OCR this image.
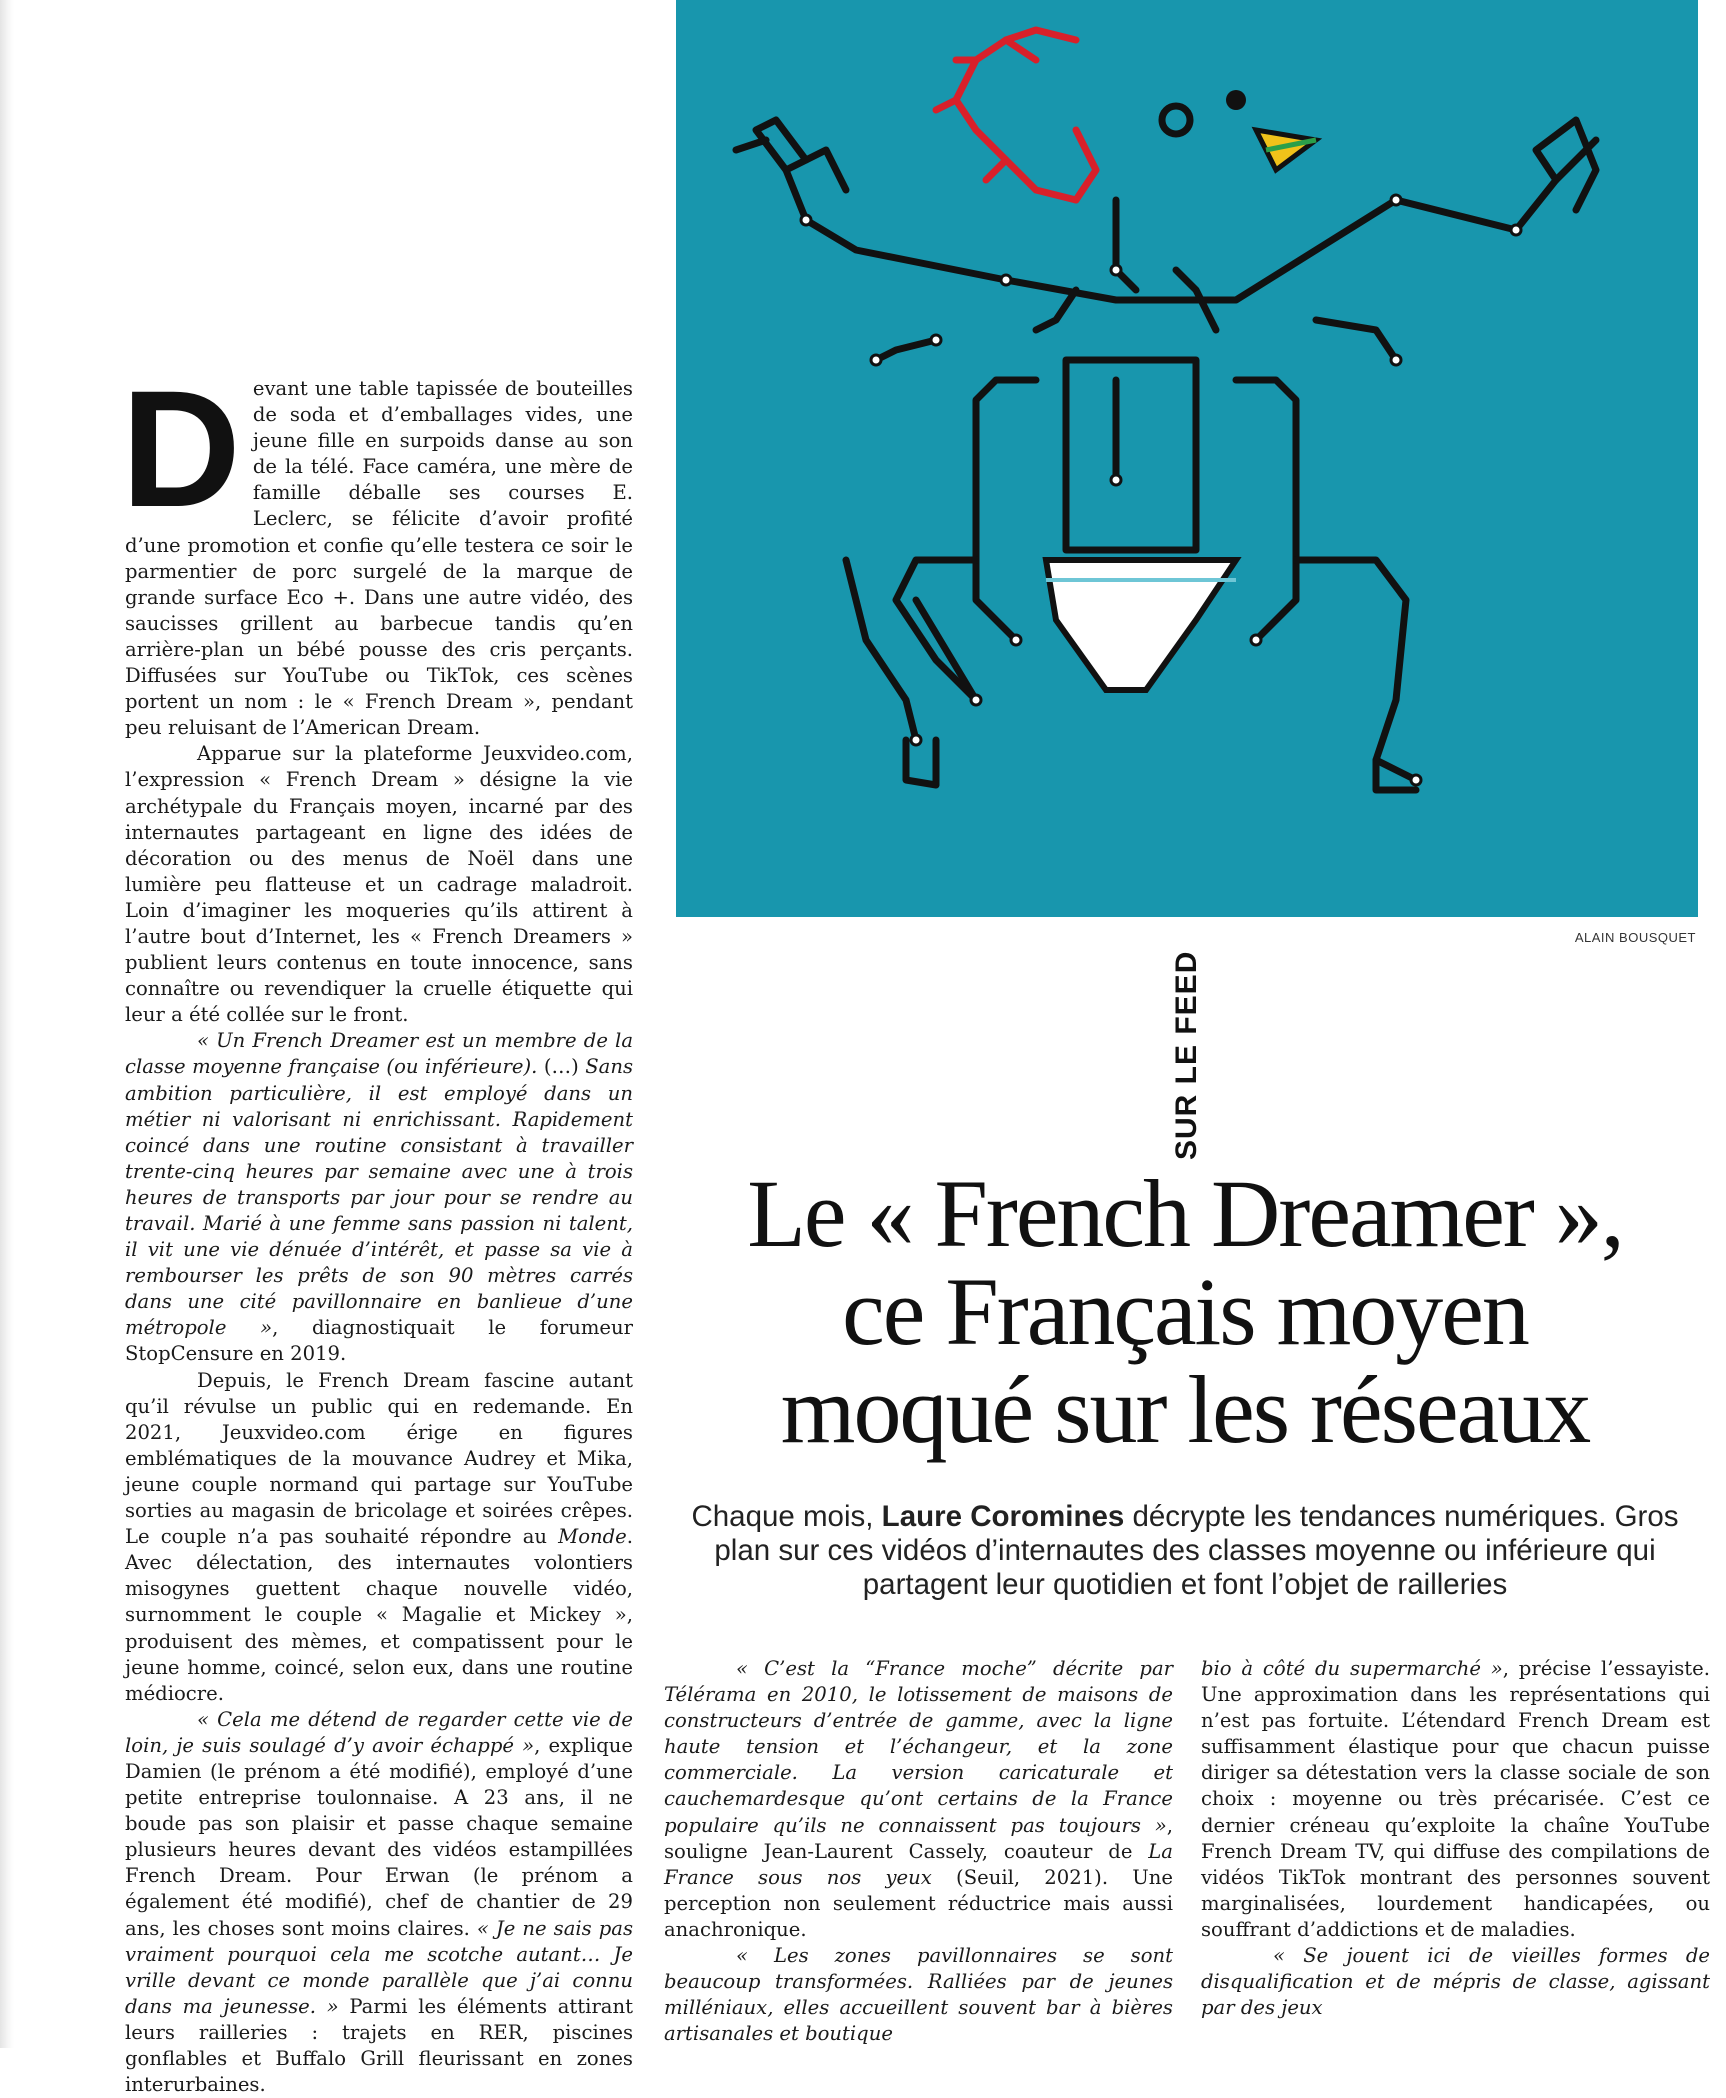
Devant une table tapissée de bouteilles de soda et d’emballages vides, une jeune fille en surpoids danse au son de la télé. Face caméra, une mère de famille déballe ses courses E. Leclerc, se félicite d’avoir profité d’une promotion et confie qu’elle testera ce soir le parmentier de porc surgelé de la marque de grande surface Eco +. Dans une autre vidéo, des saucisses grillent au barbecue tandis qu’en arrière-plan un bébé pousse des cris perçants. Diffusées sur YouTube ou TikTok, ces scènes portent un nom : le « French Dream », pendant peu reluisant de l’American Dream.

Apparue sur la plateforme Jeuxvideo.com, l’expression « French Dream » désigne la vie archétypale du Français moyen, incarné par des internautes partageant en ligne des idées de décoration ou des menus de Noël dans une lumière peu flatteuse et un cadrage maladroit. Loin d’imaginer les moqueries qu’ils attirent à l’autre bout d’Internet, les « French Dreamers » publient leurs contenus en toute innocence, sans connaître ou revendiquer la cruelle étiquette qui leur a été collée sur le front.

« Un French Dreamer est un membre de la classe moyenne française (ou inférieure). (…) Sans ambition particulière, il est employé dans un métier ni valorisant ni enrichissant. Rapidement coincé dans une routine consistant à travailler trente-cinq heures par semaine avec une à trois heures de transports par jour pour se rendre au travail. Marié à une femme sans passion ni talent, il vit une vie dénuée d’intérêt, et passe sa vie à rembourser les prêts de son 90 mètres carrés dans une cité pavillonnaire en banlieue d’une métropole », diagnostiquait le forumeur StopCensure en 2019.

Depuis, le French Dream fascine autant qu’il révulse un public qui en redemande. En 2021, Jeuxvideo.com érige en figures emblématiques de la mouvance Audrey et Mika, jeune couple normand qui partage sur YouTube sorties au magasin de bricolage et soirées crêpes. Le couple n’a pas souhaité répondre au Monde. Avec délectation, des internautes volontiers misogynes guettent chaque nouvelle vidéo, surnomment le couple « Magalie et Mickey », produisent des mèmes, et compatissent pour le jeune homme, coincé, selon eux, dans une routine médiocre.

« Cela me détend de regarder cette vie de loin, je suis soulagé d’y avoir échappé », explique Damien (le prénom a été modifié), employé d’une petite entreprise toulonnaise. A 23 ans, il ne boude pas son plaisir et passe chaque semaine plusieurs heures devant des vidéos estampillées French Dream. Pour Erwan (le prénom a également été modifié), chef de chantier de 29 ans, les choses sont moins claires. « Je ne sais pas vraiment pourquoi cela me scotche autant… Je vrille devant ce monde parallèle que j’ai connu dans ma jeunesse. » Parmi les éléments attirant leurs railleries : trajets en RER, piscines gonflables et Buffalo Grill fleurissant en zones interurbaines.

ALAIN BOUSQUET
SUR LE FEED
Le « French Dreamer »,
ce Français moyen
moqué sur les réseaux

Chaque mois, Laure Coromines décrypte les tendances numériques. Gros plan sur ces vidéos d’internautes des classes moyenne ou inférieure qui partagent leur quotidien et font l’objet de railleries

« C’est la “France moche” décrite par Télérama en 2010, le lotissement de maisons de constructeurs d’entrée de gamme, avec la ligne haute tension et l’échangeur, et la zone commerciale. La version caricaturale et cauchemardesque qu’ont certains de la France populaire qu’ils ne connaissent pas toujours », souligne Jean-Laurent Cassely, coauteur de La France sous nos yeux (Seuil, 2021). Une perception non seulement réductrice mais aussi anachronique.

« Les zones pavillonnaires se sont beaucoup transformées. Ralliées par de jeunes milléniaux, elles accueillent souvent bar à bières artisanales et boutique

bio à côté du supermarché », précise l’essayiste. Une approximation dans les représentations qui n’est pas fortuite. L’étendard French Dream est suffisamment élastique pour que chacun puisse diriger sa détestation vers la classe sociale de son choix : moyenne ou très précarisée. C’est ce dernier créneau qu’exploite la chaîne YouTube French Dream TV, qui diffuse des compilations de vidéos TikTok montrant des personnes souvent marginalisées, lourdement handicapées, ou souffrant d’addictions et de maladies.

« Se jouent ici de vieilles formes de disqualification et de mépris de classe, agissant par des jeux
